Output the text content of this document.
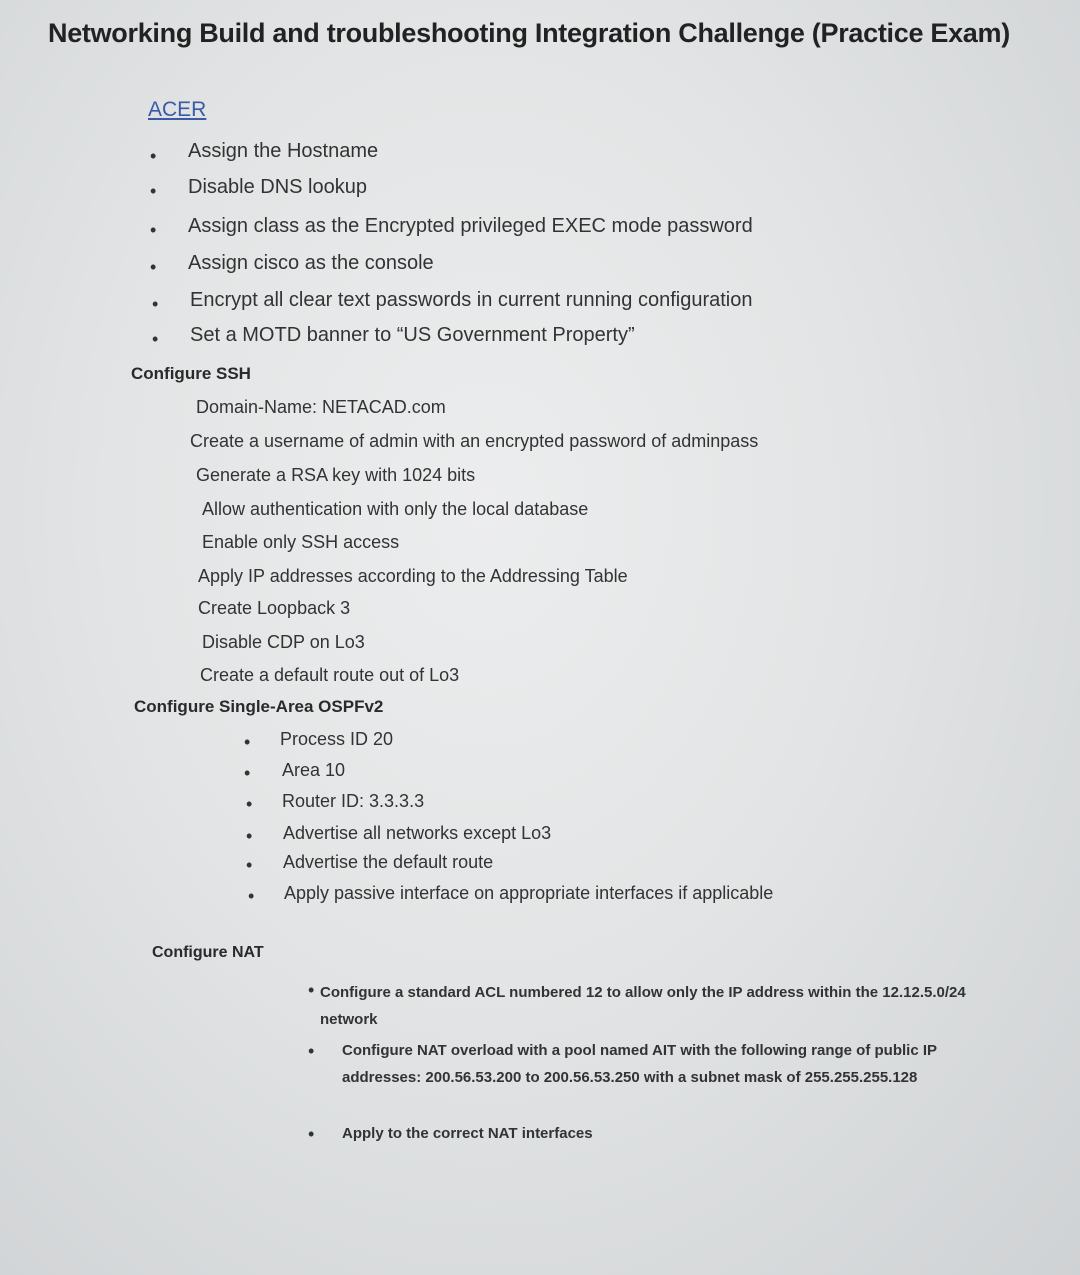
Networking Build and troubleshooting Integration Challenge (Practice Exam)
ACER
• Assign the Hostname
• Disable DNS lookup
• Assign class as the Encrypted privileged EXEC mode password
• Assign cisco as the console
• Encrypt all clear text passwords in current running configuration
• Set a MOTD banner to “US Government Property”
Configure SSH
Domain-Name: NETACAD.com
Create a username of admin with an encrypted password of adminpass
Generate a RSA key with 1024 bits
Allow authentication with only the local database
Enable only SSH access
Apply IP addresses according to the Addressing Table
Create Loopback 3
Disable CDP on Lo3
Create a default route out of Lo3
Configure Single-Area OSPFv2
• Process ID 20
• Area 10
• Router ID: 3.3.3.3
• Advertise all networks except Lo3
• Advertise the default route
• Apply passive interface on appropriate interfaces if applicable
Configure NAT
• Configure a standard ACL numbered 12 to allow only the IP address within the 12.12.5.0/24 network
• Configure NAT overload with a pool named AIT with the following range of public IP addresses: 200.56.53.200 to 200.56.53.250 with a subnet mask of 255.255.255.128
• Apply to the correct NAT interfaces
